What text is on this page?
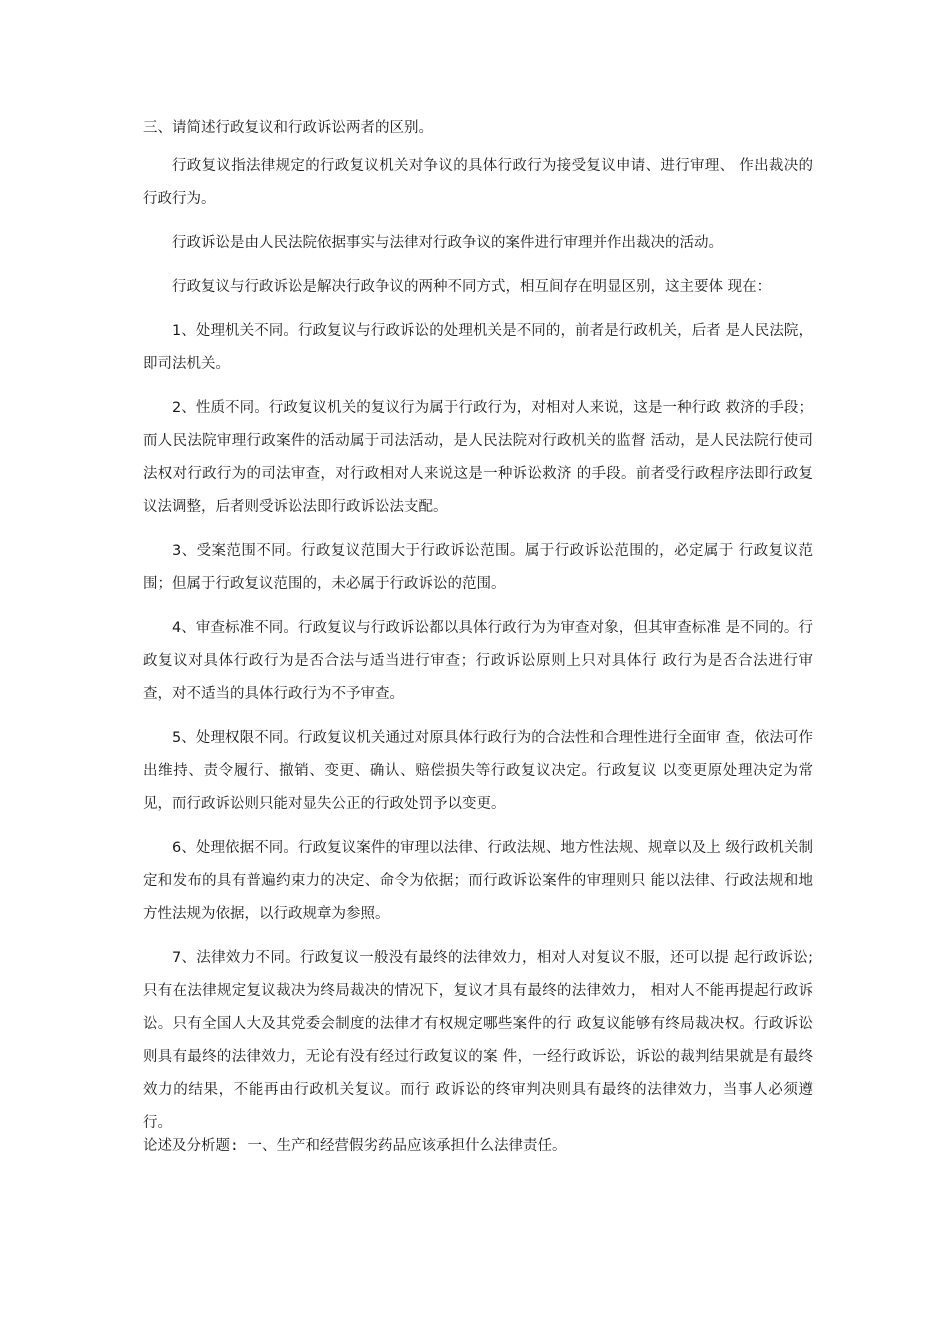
三、请简述行政复议和行政诉讼两者的区别。

行政复议指法律规定的行政复议机关对争议的具体行政行为接受复议申请、进行审理、 作出裁决的行政行为。

行政诉讼是由人民法院依据事实与法律对行政争议的案件进行审理并作出裁决的活动。

行政复议与行政诉讼是解决行政争议的两种不同方式，相互间存在明显区别，这主要体 现在：

1、处理机关不同。行政复议与行政诉讼的处理机关是不同的，前者是行政机关，后者 是人民法院，即司法机关。

2、性质不同。行政复议机关的复议行为属于行政行为，对相对人来说，这是一种行政 救济的手段；而人民法院审理行政案件的活动属于司法活动，是人民法院对行政机关的监督 活动，是人民法院行使司法权对行政行为的司法审查，对行政相对人来说这是一种诉讼救济 的手段。前者受行政程序法即行政复议法调整，后者则受诉讼法即行政诉讼法支配。

3、受案范围不同。行政复议范围大于行政诉讼范围。属于行政诉讼范围的，必定属于 行政复议范围；但属于行政复议范围的，未必属于行政诉讼的范围。

4、审查标准不同。行政复议与行政诉讼都以具体行政行为为审查对象，但其审查标准 是不同的。行政复议对具体行政行为是否合法与适当进行审查；行政诉讼原则上只对具体行 政行为是否合法进行审查，对不适当的具体行政行为不予审查。

5、处理权限不同。行政复议机关通过对原具体行政行为的合法性和合理性进行全面审 查，依法可作出维持、责令履行、撤销、变更、确认、赔偿损失等行政复议决定。行政复议 以变更原处理决定为常见，而行政诉讼则只能对显失公正的行政处罚予以变更。

6、处理依据不同。行政复议案件的审理以法律、行政法规、地方性法规、规章以及上 级行政机关制定和发布的具有普遍约束力的决定、命令为依据；而行政诉讼案件的审理则只 能以法律、行政法规和地方性法规为依据，以行政规章为参照。

7、法律效力不同。行政复议一般没有最终的法律效力，相对人对复议不服，还可以提 起行政诉讼;只有在法律规定复议裁决为终局裁决的情况下，复议才具有最终的法律效力， 相对人不能再提起行政诉讼。只有全国人大及其党委会制度的法律才有权规定哪些案件的行 政复议能够有终局裁决权。行政诉讼则具有最终的法律效力，无论有没有经过行政复议的案 件，一经行政诉讼，诉讼的裁判结果就是有最终效力的结果，不能再由行政机关复议。而行 政诉讼的终审判决则具有最终的法律效力，当事人必须遵行。

论述及分析题: 一、生产和经营假劣药品应该承担什么法律责任。
